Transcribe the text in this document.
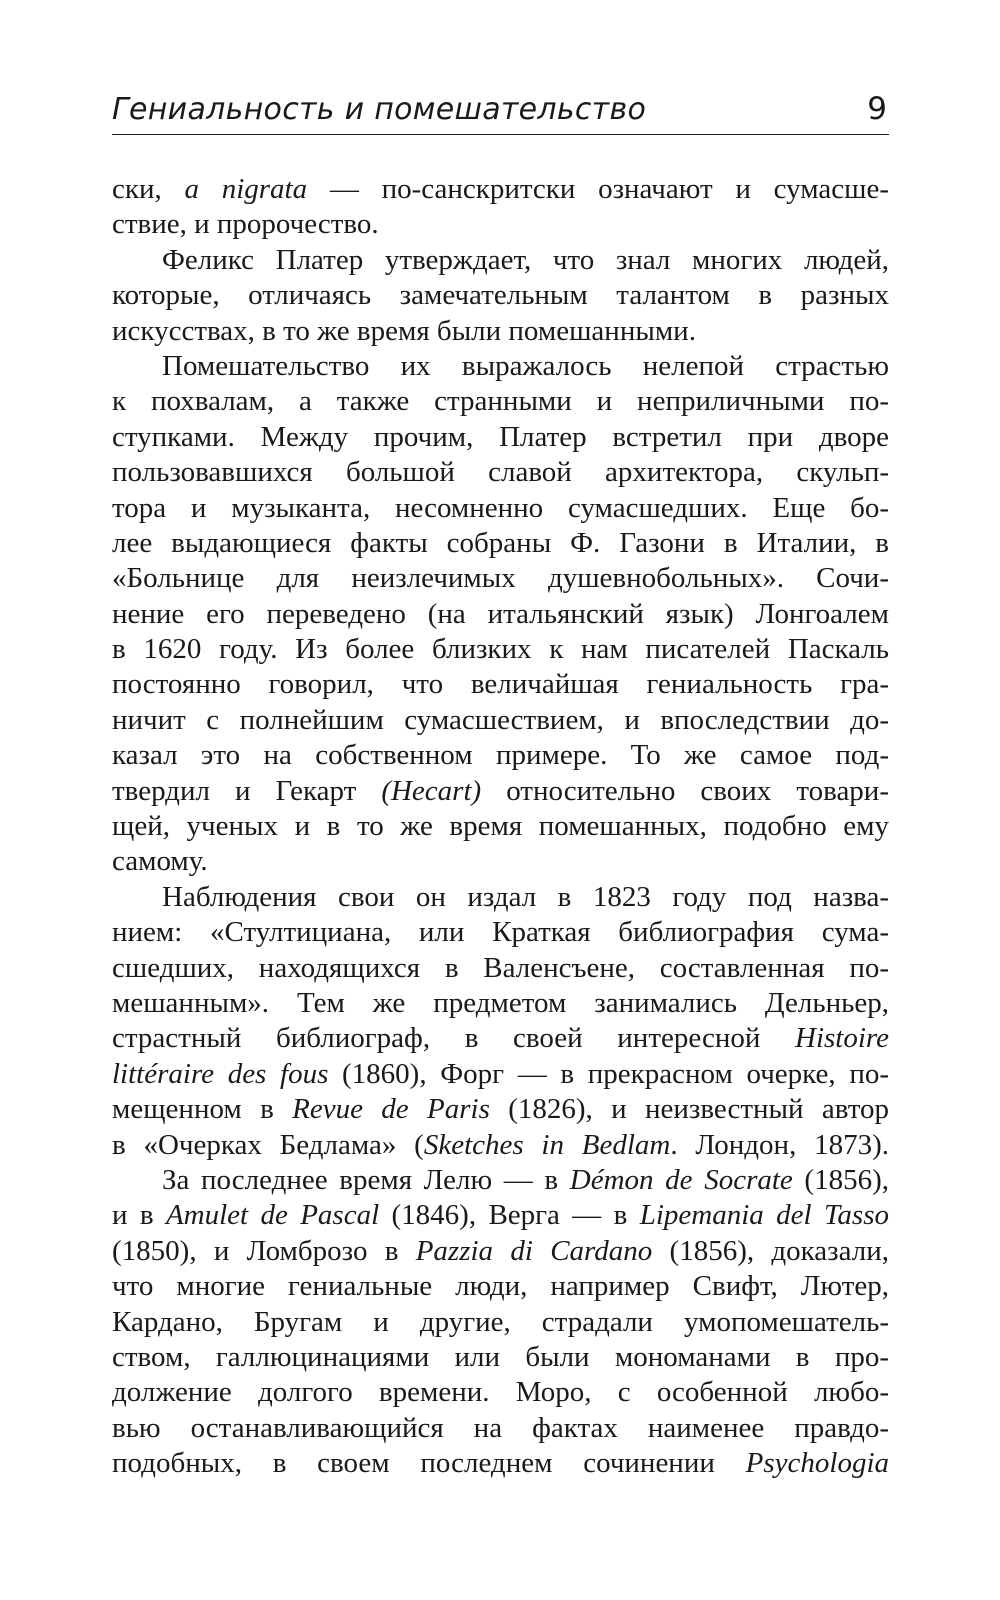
Гениальность и помешательство	9
ски, a nigrata — по-санскритски означают и сумасше-
ствие, и пророчество.
Феликс Платер утверждает, что знал многих людей,
которые, отличаясь замечательным талантом в разных
искусствах, в то же время были помешанными.
Помешательство их выражалось нелепой страстью
к похвалам, а также странными и неприличными по-
ступками. Между прочим, Платер встретил при дворе
пользовавшихся большой славой архитектора, скульп-
тора и музыканта, несомненно сумасшедших. Еще бо-
лее выдающиеся факты собраны Ф. Газони в Италии, в
«Больнице для неизлечимых душевнобольных». Сочи-
нение его переведено (на итальянский язык) Лонгоалем
в 1620 году. Из более близких к нам писателей Паскаль
постоянно говорил, что величайшая гениальность гра-
ничит с полнейшим сумасшествием, и впоследствии до-
казал это на собственном примере. То же самое под-
твердил и Гекарт (Hecart) относительно своих товари-
щей, ученых и в то же время помешанных, подобно ему
самому.
Наблюдения свои он издал в 1823 году под назва-
нием: «Стултициана, или Краткая библиография сума-
сшедших, находящихся в Валенсъене, составленная по-
мешанным». Тем же предметом занимались Дельньер,
страстный библиограф, в своей интересной Histoire
littéraire des fous (1860), Форг — в прекрасном очерке, по-
мещенном в Revue de Paris (1826), и неизвестный автор
в «Очерках Бедлама» (Sketches in Bedlam. Лондон, 1873).
За последнее время Лелю — в Démon de Socrate (1856),
и в Amulet de Pascal (1846), Верга — в Lipemania del Tasso
(1850), и Ломброзо в Pazzia di Cardano (1856), доказали,
что многие гениальные люди, например Свифт, Лютер,
Кардано, Бругам и другие, страдали умопомешатель-
ством, галлюцинациями или были мономанами в про-
должение долгого времени. Моро, с особенной любо-
вью останавливающийся на фактах наименее правдо-
подобных, в своем последнем сочинении Psychologia
